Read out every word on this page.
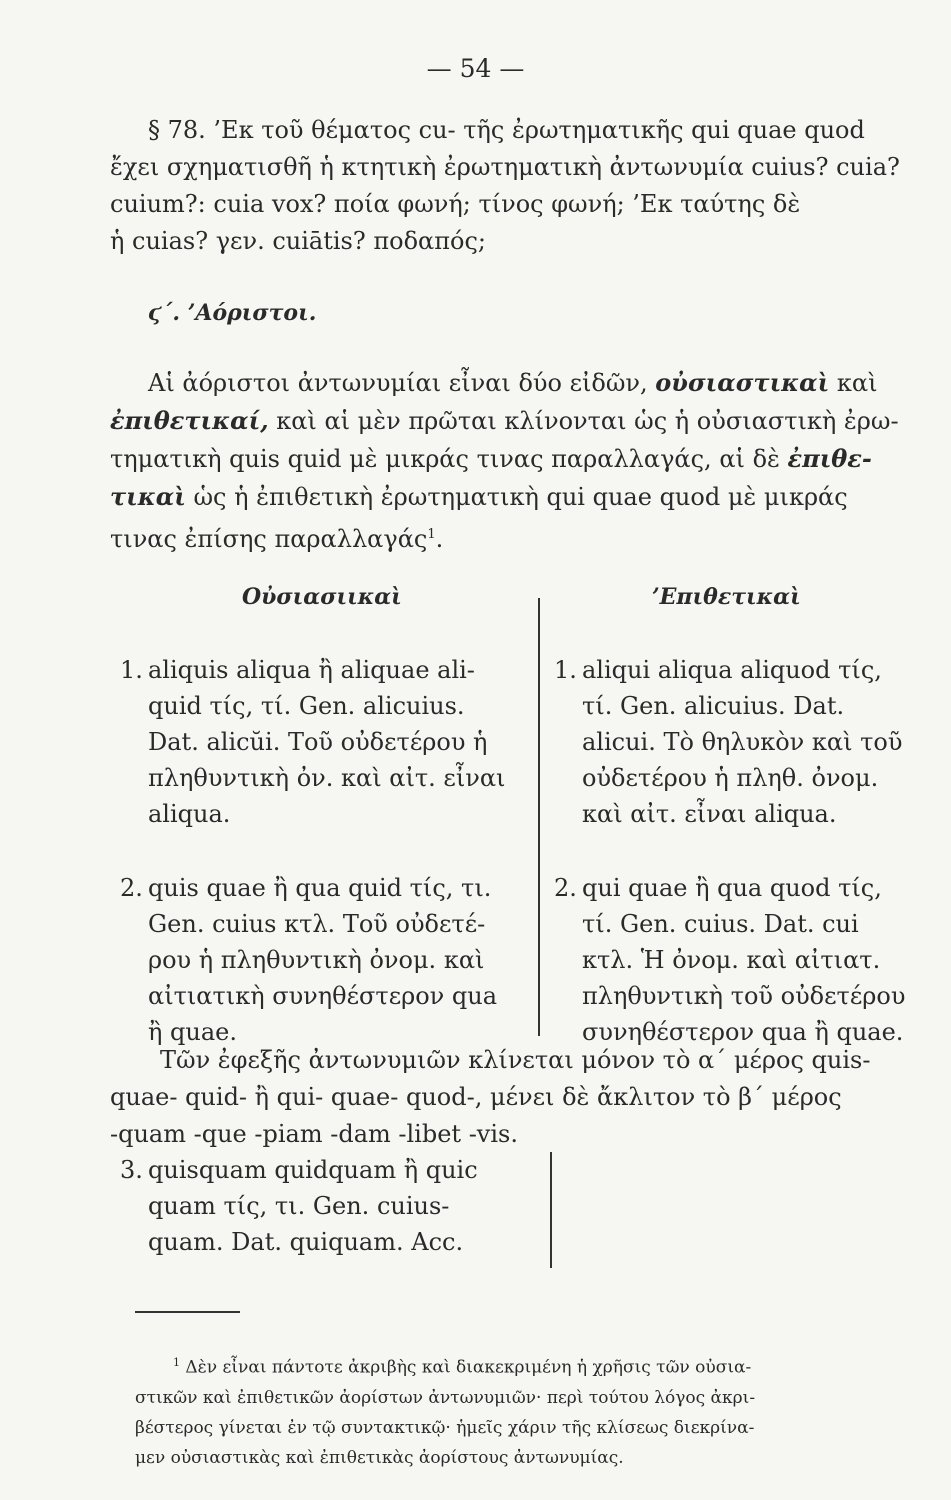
— 54 —

§ 78. ’Εκ τοῦ θέματος cu- τῆς ἐρωτηματικῆς qui quae quod

ἔχει σχηματισθῆ ἡ κτητικὴ ἐρωτηματικὴ ἀντωνυμία cuius? cuia?

cuium?: cuia vox? ποία φωνή; τίνος φωνή; ’Εκ ταύτης δὲ

ἡ cuias? γεν. cuiātis? ποδαπός;

ϛ΄. ’Αόριστοι.

Αἱ ἀόριστοι ἀντωνυμίαι εἶναι δύο εἰδῶν, οὐσιαστικαὶ καὶ

ἐπιθετικαί, καὶ αἱ μὲν πρῶται κλίνονται ὡς ἡ οὐσιαστικὴ ἐρω-

τηματικὴ quis quid μὲ μικράς τινας παραλλαγάς, αἱ δὲ ἐπιθε-

τικαὶ ὡς ἡ ἐπιθετικὴ ἐρωτηματικὴ qui quae quod μὲ μικράς

τινας ἐπίσης παραλλαγάς$^1$.

Οὐσιασιικαὶ	’Επιθετικαὶ
1. aliquis aliqua ἢ aliquae ali-
quid τίς, τί. Gen. alicuius.
Dat. alicŭi. Τοῦ οὐδετέρου ἡ
πληθυντικὴ ὀν. καὶ αἰτ. εἶναι
aliqua.
2. quis quae ἢ qua quid τίς, τι.
Gen. cuius κτλ. Τοῦ οὐδετέ-
ρου ἡ πληθυντικὴ ὀνομ. καὶ
αἰτιατικὴ συνηθέστερον qua
ἢ quae.
1. aliqui aliqua aliquod τίς,
τί. Gen. alicuius. Dat.
alicui. Τὸ θηλυκὸν καὶ τοῦ
οὐδετέρου ἡ πληθ. ὀνομ.
καὶ αἰτ. εἶναι aliqua.
2. qui quae ἢ qua quod τίς,
τί. Gen. cuius. Dat. cui
κτλ. Ἡ ὀνομ. καὶ αἰτιατ.
πληθυντικὴ τοῦ οὐδετέρου
συνηθέστερον qua ἢ quae.

Τῶν ἐφεξῆς ἀντωνυμιῶν κλίνεται μόνον τὸ α΄ μέρος quis-

quae- quid- ἢ qui- quae- quod-, μένει δὲ ἄκλιτον τὸ β΄ μέρος

-quam -que -piam -dam -libet -vis.

3. quisquam quidquam ἢ quic
quam τίς, τι. Gen. cuius-
quam. Dat. quiquam. Acc.

$^1$ Δὲν εἶναι πάντοτε ἀκριβὴς καὶ διακεκριμένη ἡ χρῆσις τῶν οὐσια-

στικῶν καὶ ἐπιθετικῶν ἀορίστων ἀντωνυμιῶν· περὶ τούτου λόγος ἀκρι-

βέστερος γίνεται ἐν τῷ συντακτικῷ· ἡμεῖς χάριν τῆς κλίσεως διεκρίνα-

μεν οὐσιαστικὰς καὶ ἐπιθετικὰς ἀορίστους ἀντωνυμίας.
